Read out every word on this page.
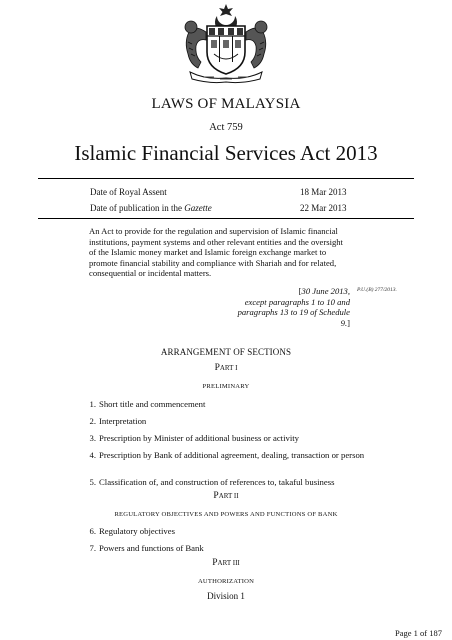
LAWS OF MALAYSIA
Act 759
Islamic Financial Services Act 2013
Date of Royal Assent	18 Mar 2013
Date of publication in the Gazette	22 Mar 2013
An Act to provide for the regulation and supervision of Islamic financial institutions, payment systems and other relevant entities and the oversight of the Islamic money market and Islamic foreign exchange market to promote financial stability and compliance with Shariah and for related, consequential or incidental matters.
[30 June 2013,
except paragraphs 1 to 10 and
paragraphs 13 to 19 of Schedule
9.]
P.U.(B) 277/2013.
ARRANGEMENT OF SECTIONS
PART I
PRELIMINARY
1. Short title and commencement
2. Interpretation
3. Prescription by Minister of additional business or activity
4. Prescription by Bank of additional agreement, dealing, transaction or person
5. Classification of, and construction of references to, takaful business
PART II
REGULATORY OBJECTIVES AND POWERS AND FUNCTIONS OF BANK
6. Regulatory objectives
7. Powers and functions of Bank
PART III
AUTHORIZATION
Division 1
Page 1 of 187
